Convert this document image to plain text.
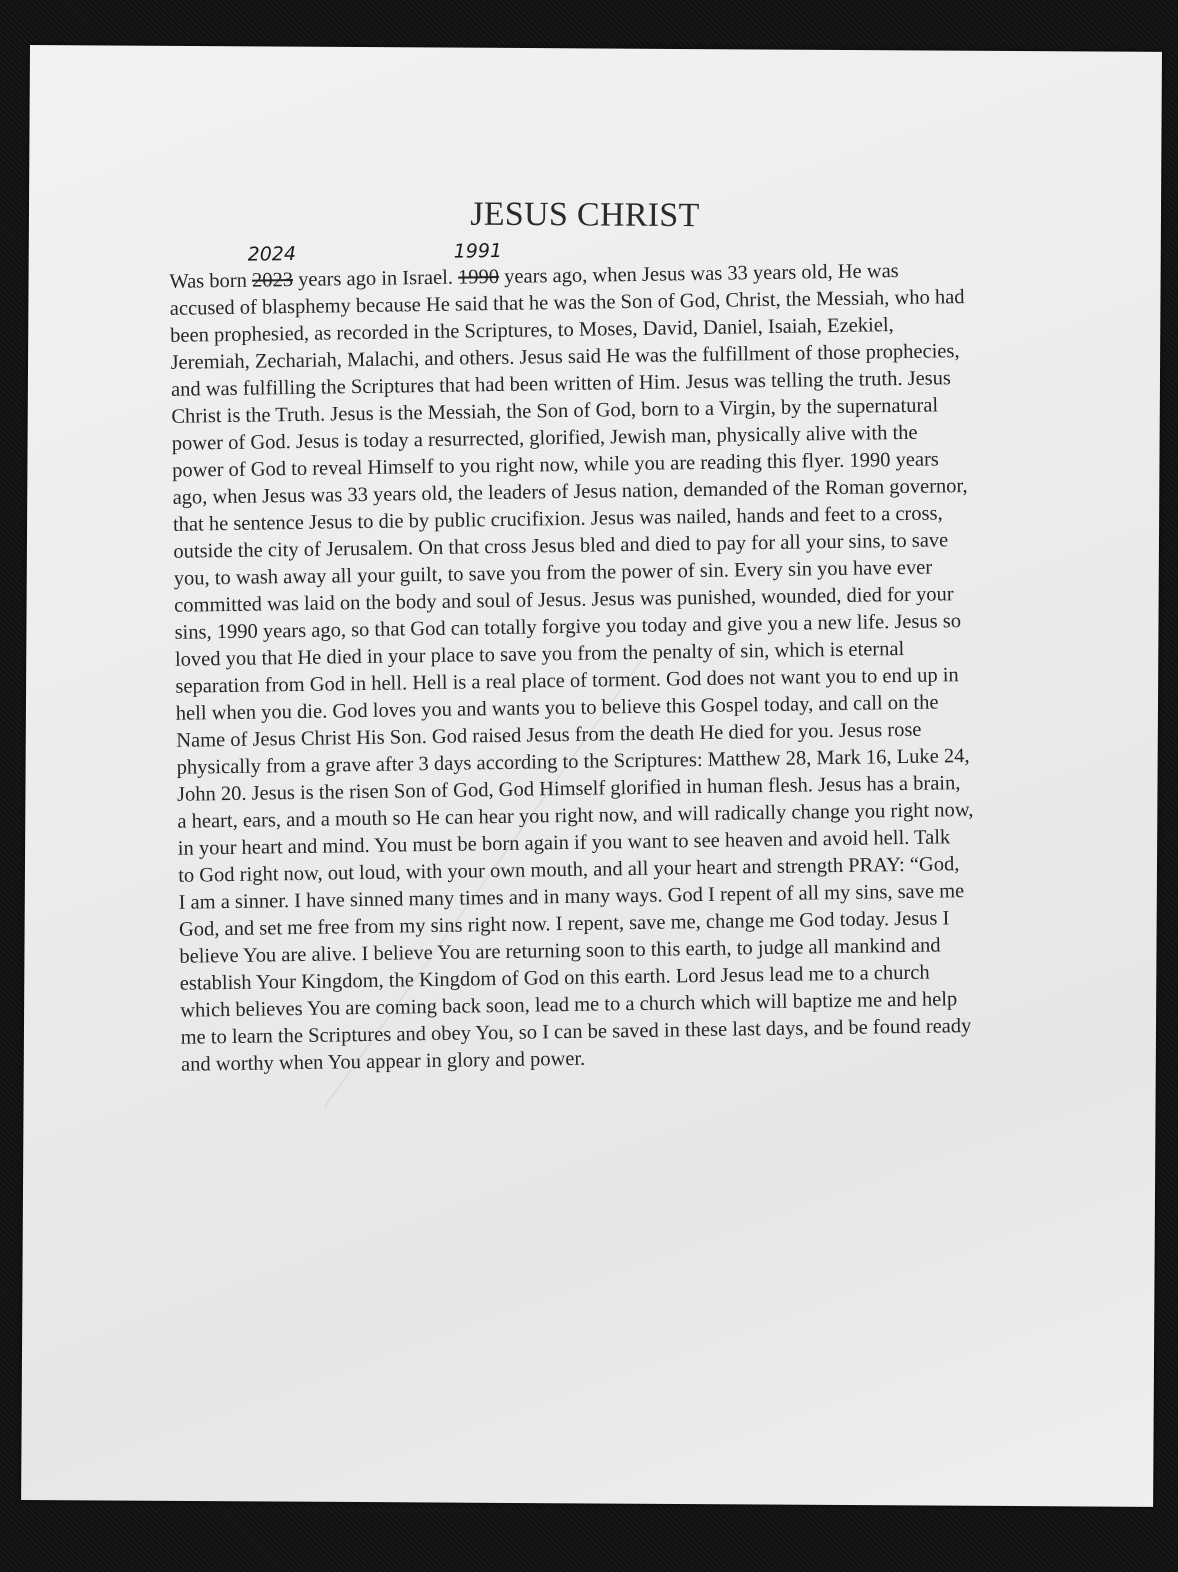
JESUS CHRIST
Was born
2024
2023 years ago in Israel.
1991
1990 years ago, when Jesus was 33 years old, He was
accused of blasphemy because He said that he was the Son of God, Christ, the Messiah, who had
been prophesied, as recorded in the Scriptures, to Moses, David, Daniel, Isaiah, Ezekiel,
Jeremiah, Zechariah, Malachi, and others. Jesus said He was the fulfillment of those prophecies,
and was fulfilling the Scriptures that had been written of Him. Jesus was telling the truth. Jesus
Christ is the Truth. Jesus is the Messiah, the Son of God, born to a Virgin, by the supernatural
power of God. Jesus is today a resurrected, glorified, Jewish man, physically alive with the
power of God to reveal Himself to you right now, while you are reading this flyer. 1990 years
ago, when Jesus was 33 years old, the leaders of Jesus nation, demanded of the Roman governor,
that he sentence Jesus to die by public crucifixion. Jesus was nailed, hands and feet to a cross,
outside the city of Jerusalem. On that cross Jesus bled and died to pay for all your sins, to save
you, to wash away all your guilt, to save you from the power of sin. Every sin you have ever
committed was laid on the body and soul of Jesus. Jesus was punished, wounded, died for your
sins, 1990 years ago, so that God can totally forgive you today and give you a new life. Jesus so
loved you that He died in your place to save you from the penalty of sin, which is eternal
separation from God in hell. Hell is a real place of torment. God does not want you to end up in
hell when you die. God loves you and wants you to believe this Gospel today, and call on the
Name of Jesus Christ His Son. God raised Jesus from the death He died for you. Jesus rose
physically from a grave after 3 days according to the Scriptures: Matthew 28, Mark 16, Luke 24,
John 20. Jesus is the risen Son of God, God Himself glorified in human flesh. Jesus has a brain,
a heart, ears, and a mouth so He can hear you right now, and will radically change you right now,
in your heart and mind. You must be born again if you want to see heaven and avoid hell. Talk
to God right now, out loud, with your own mouth, and all your heart and strength PRAY: “God,
I am a sinner. I have sinned many times and in many ways. God I repent of all my sins, save me
God, and set me free from my sins right now. I repent, save me, change me God today. Jesus I
believe You are alive. I believe You are returning soon to this earth, to judge all mankind and
establish Your Kingdom, the Kingdom of God on this earth. Lord Jesus lead me to a church
which believes You are coming back soon, lead me to a church which will baptize me and help
me to learn the Scriptures and obey You, so I can be saved in these last days, and be found ready
and worthy when You appear in glory and power.
